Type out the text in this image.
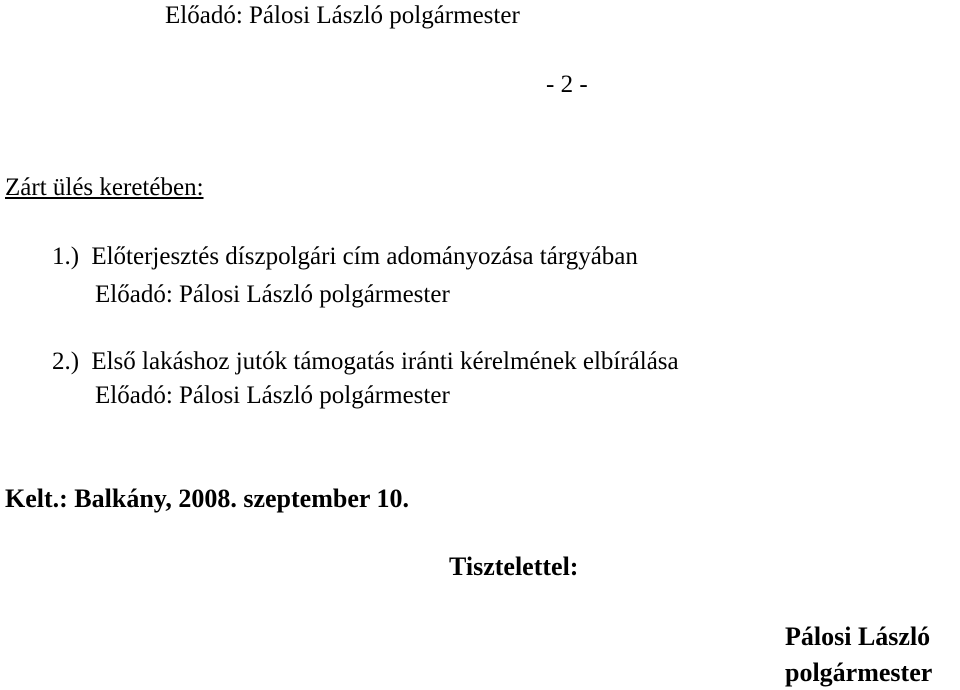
Előadó: Pálosi László polgármester
- 2 -
Zárt ülés keretében:
1.) Előterjesztés díszpolgári cím adományozása tárgyában
Előadó: Pálosi László polgármester
2.) Első lakáshoz jutók támogatás iránti kérelmének elbírálása
Előadó: Pálosi László polgármester
Kelt.: Balkány, 2008. szeptember 10.
Tisztelettel:
Pálosi László
polgármester
